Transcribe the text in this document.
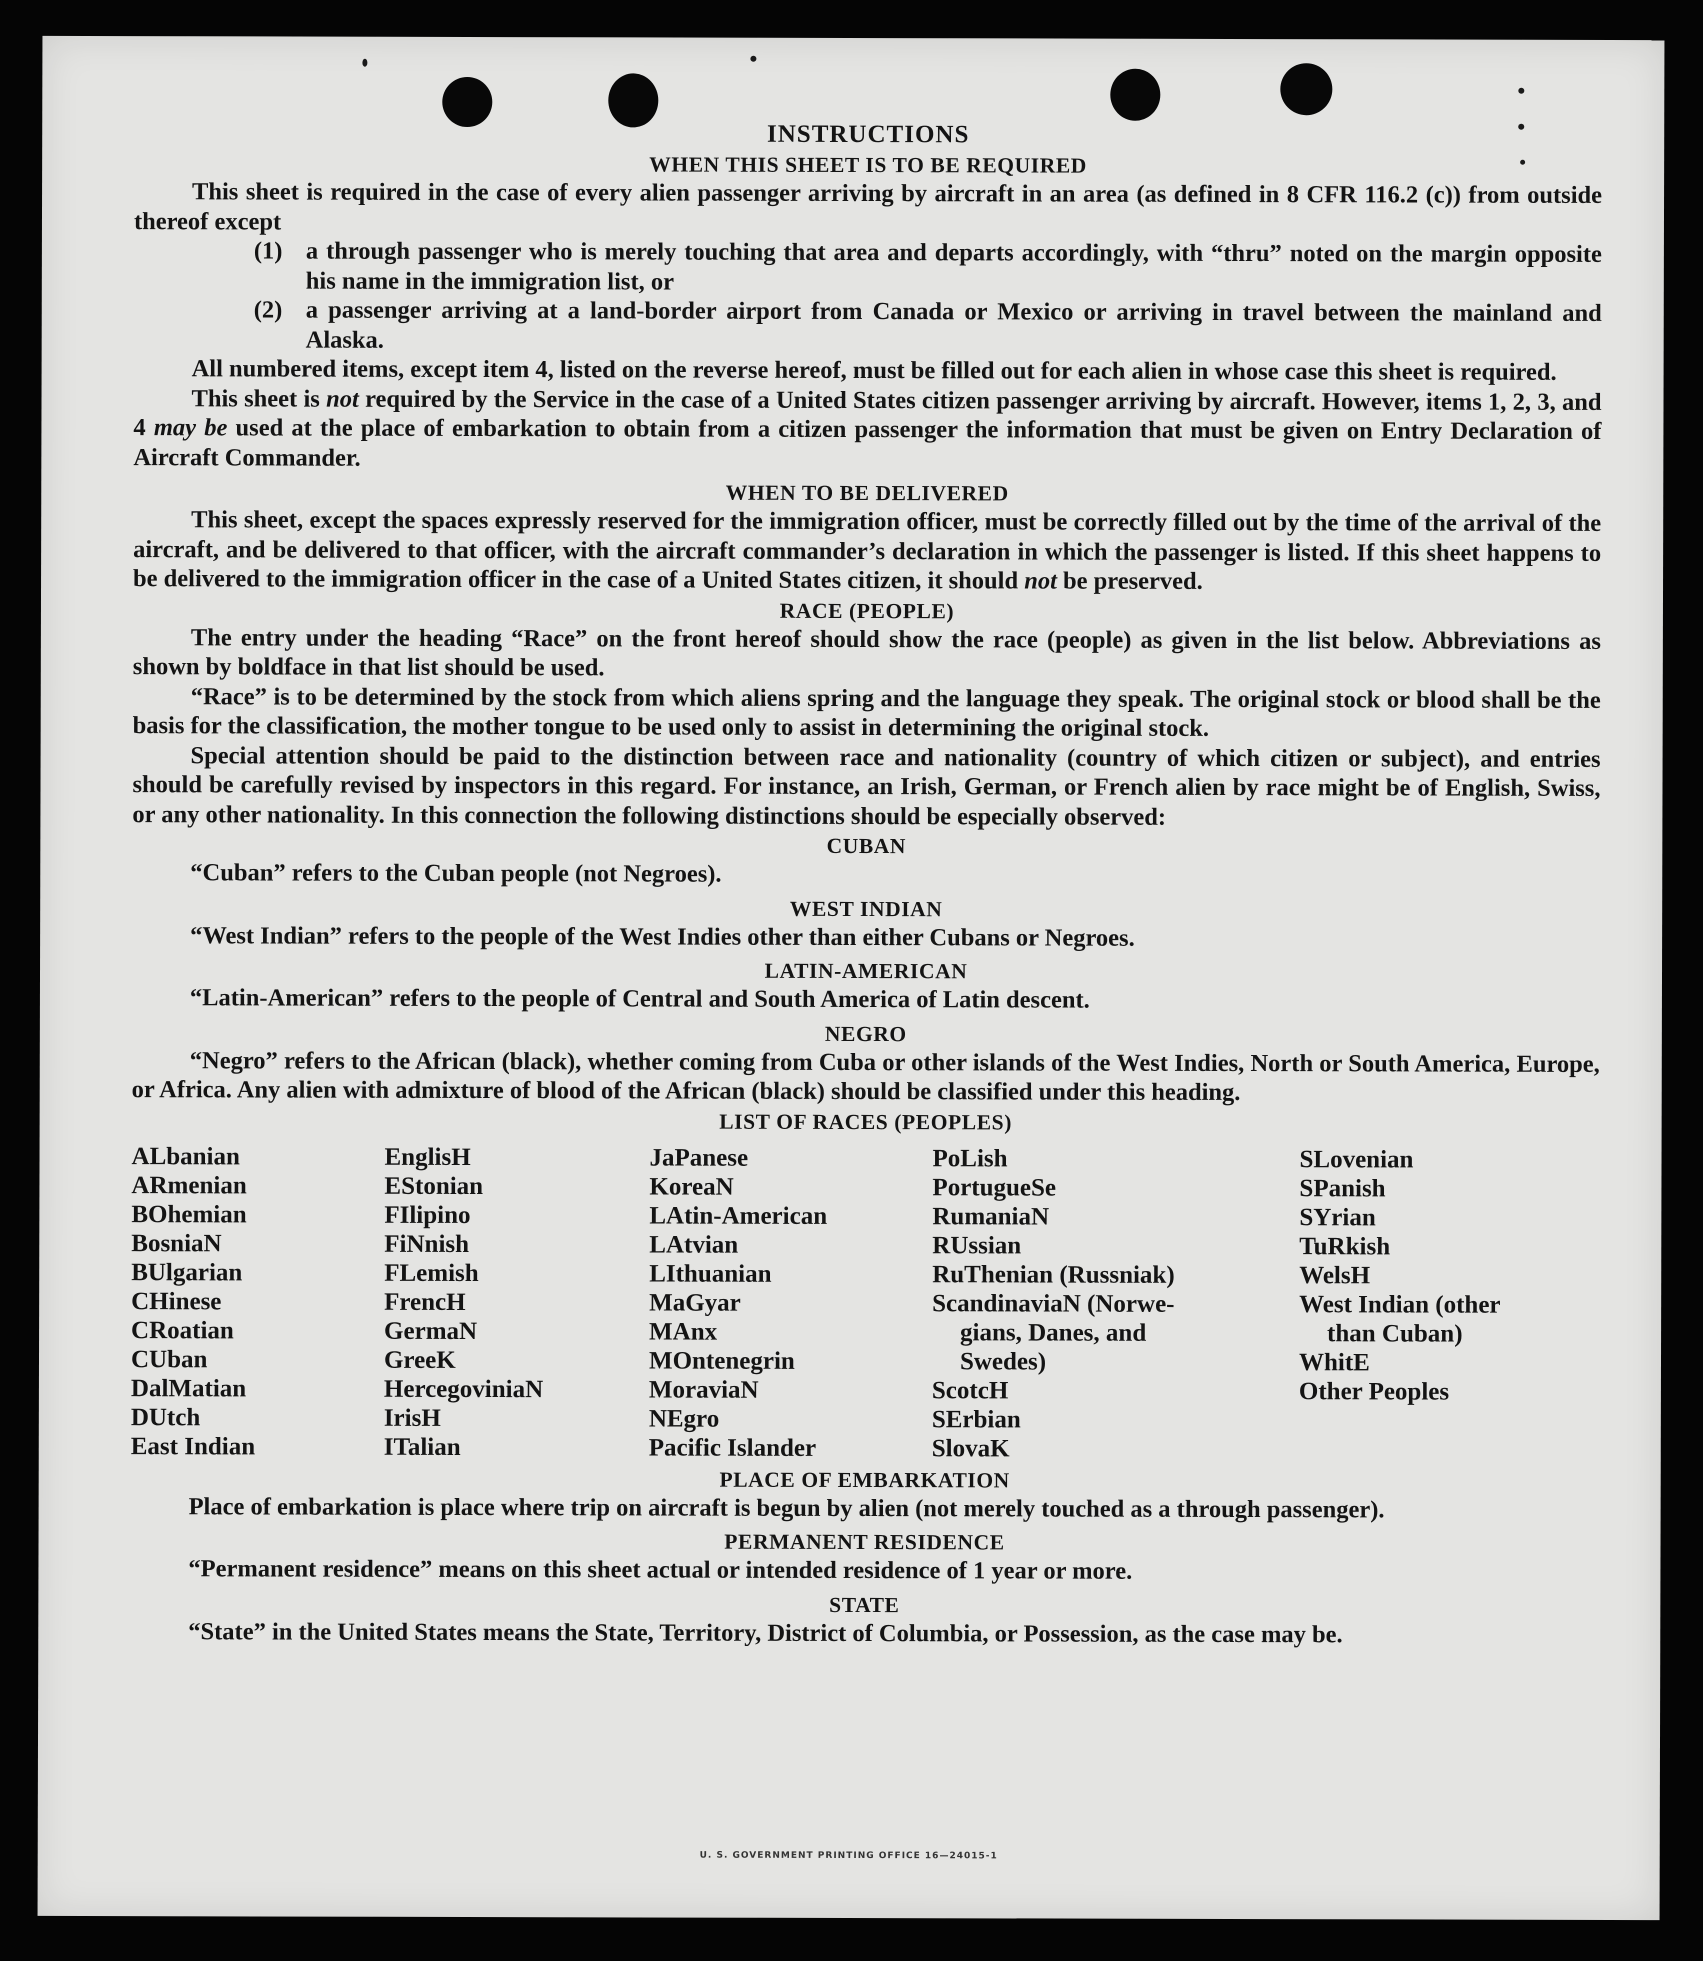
INSTRUCTIONS
WHEN THIS SHEET IS TO BE REQUIRED

This sheet is required in the case of every alien passenger arriving by aircraft in an area (as defined in 8 CFR 116.2 (c)) from outside thereof except

(1) a through passenger who is merely touching that area and departs accordingly, with “thru” noted on the margin opposite his name in the immigration list, or
(2) a passenger arriving at a land-border airport from Canada or Mexico or arriving in travel between the mainland and Alaska.

All numbered items, except item 4, listed on the reverse hereof, must be filled out for each alien in whose case this sheet is required.

This sheet is not required by the Service in the case of a United States citizen passenger arriving by aircraft. However, items 1, 2, 3, and 4 may be used at the place of embarkation to obtain from a citizen passenger the information that must be given on Entry Declaration of Aircraft Commander.

WHEN TO BE DELIVERED

This sheet, except the spaces expressly reserved for the immigration officer, must be correctly filled out by the time of the arrival of the aircraft, and be delivered to that officer, with the aircraft commander’s declaration in which the passenger is listed. If this sheet happens to be delivered to the immigration officer in the case of a United States citizen, it should not be preserved.

RACE (PEOPLE)

The entry under the heading “Race” on the front hereof should show the race (people) as given in the list below. Abbreviations as shown by boldface in that list should be used.

“Race” is to be determined by the stock from which aliens spring and the language they speak. The original stock or blood shall be the basis for the classification, the mother tongue to be used only to assist in determining the original stock.

Special attention should be paid to the distinction between race and nationality (country of which citizen or subject), and entries should be carefully revised by inspectors in this regard. For instance, an Irish, German, or French alien by race might be of English, Swiss, or any other nationality. In this connection the following distinctions should be especially observed:

CUBAN

“Cuban” refers to the Cuban people (not Negroes).

WEST INDIAN

“West Indian” refers to the people of the West Indies other than either Cubans or Negroes.

LATIN-AMERICAN

“Latin-American” refers to the people of Central and South America of Latin descent.

NEGRO

“Negro” refers to the African (black), whether coming from Cuba or other islands of the West Indies, North or South America, Europe, or Africa. Any alien with admixture of blood of the African (black) should be classified under this heading.

LIST OF RACES (PEOPLES)
ALbanian
ARmenian
BOhemian
BosniaN
BUlgarian
CHinese
CRoatian
CUban
DalMatian
DUtch
East Indian
EnglisH
EStonian
FIlipino
FiNnish
FLemish
FrencH
GermaN
GreeK
HercegoviniaN
IrisH
ITalian
JaPanese
KoreaN
LAtin-American
LAtvian
LIthuanian
MaGyar
MAnx
MOntenegrin
MoraviaN
NEgro
Pacific Islander
PoLish
PortugueSe
RumaniaN
RUssian
RuThenian (Russniak)
ScandinaviaN (Norwe-
gians, Danes, and
Swedes)
ScotcH
SErbian
SlovaK
SLovenian
SPanish
SYrian
TuRkish
WelsH
West Indian (other
than Cuban)
WhitE
Other Peoples
PLACE OF EMBARKATION

Place of embarkation is place where trip on aircraft is begun by alien (not merely touched as a through passenger).

PERMANENT RESIDENCE

“Permanent residence” means on this sheet actual or intended residence of 1 year or more.

STATE

“State” in the United States means the State, Territory, District of Columbia, or Possession, as the case may be.

U. S. GOVERNMENT PRINTING OFFICE 16—24015-1
